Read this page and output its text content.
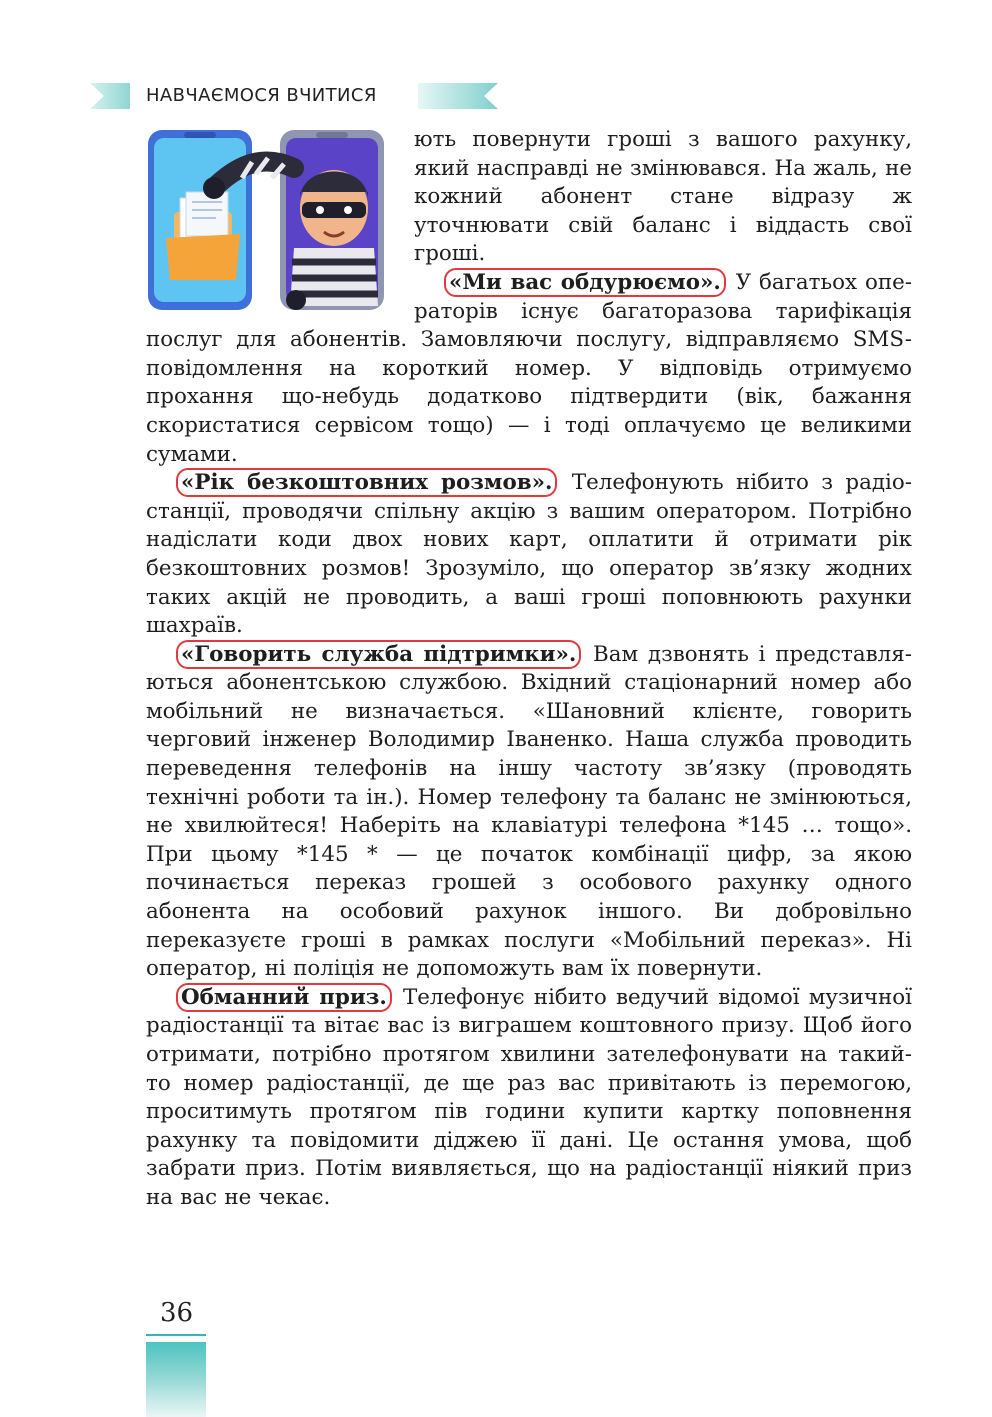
НАВЧАЄМОСЯ ВЧИТИСЯ

ють повернути гроші з вашого рахунку, який насправді не змінювався. На жаль, не кожний абонент стане відразу ж уточнювати свій баланс і віддасть свої гроші.

«Ми вас обдурюємо». У багатьох операторів існує багаторазова тарифікація послуг для абонентів. Замовляючи послугу, відправляємо SMS-повідомлення на короткий номер. У відповідь отримуємо прохання що-небудь додатково підтвердити (вік, бажання скористатися сервісом тощо) — і тоді оплачуємо це великими сумами.

«Рік безкоштовних розмов». Телефонують нібито з радіостанції, проводячи спільну акцію з вашим оператором. Потрібно надіслати коди двох нових карт, оплатити й отримати рік безкоштовних розмов! Зрозуміло, що оператор зв’язку жодних таких акцій не проводить, а ваші гроші поповнюють рахунки шахраїв.

«Говорить служба підтримки». Вам дзвонять і представляються абонентською службою. Вхідний стаціонарний номер або мобільний не визначається. «Шановний клієнте, говорить черговий інженер Володимир Іваненко. Наша служба проводить переведення телефонів на іншу частоту зв’язку (проводять технічні роботи та ін.). Номер телефону та баланс не змінюються, не хвилюйтеся! Наберіть на клавіатурі телефона *145 … тощо». При цьому *145 * — це початок комбінації цифр, за якою починається переказ грошей з особового рахунку одного абонента на особовий рахунок іншого. Ви добровільно переказуєте гроші в рамках послуги «Мобільний переказ». Ні оператор, ні поліція не допоможуть вам їх повернути.

Обманний приз. Телефонує нібито ведучий відомої музичної радіостанції та вітає вас із виграшем коштовного призу. Щоб його отримати, потрібно протягом хвилини зателефонувати на такий-то номер радіостанції, де ще раз вас привітають із перемогою, проситимуть протягом пів години купити картку поповнення рахунку та повідомити діджею її дані. Це остання умова, щоб забрати приз. Потім виявляється, що на радіостанції ніякий приз на вас не чекає.

36
